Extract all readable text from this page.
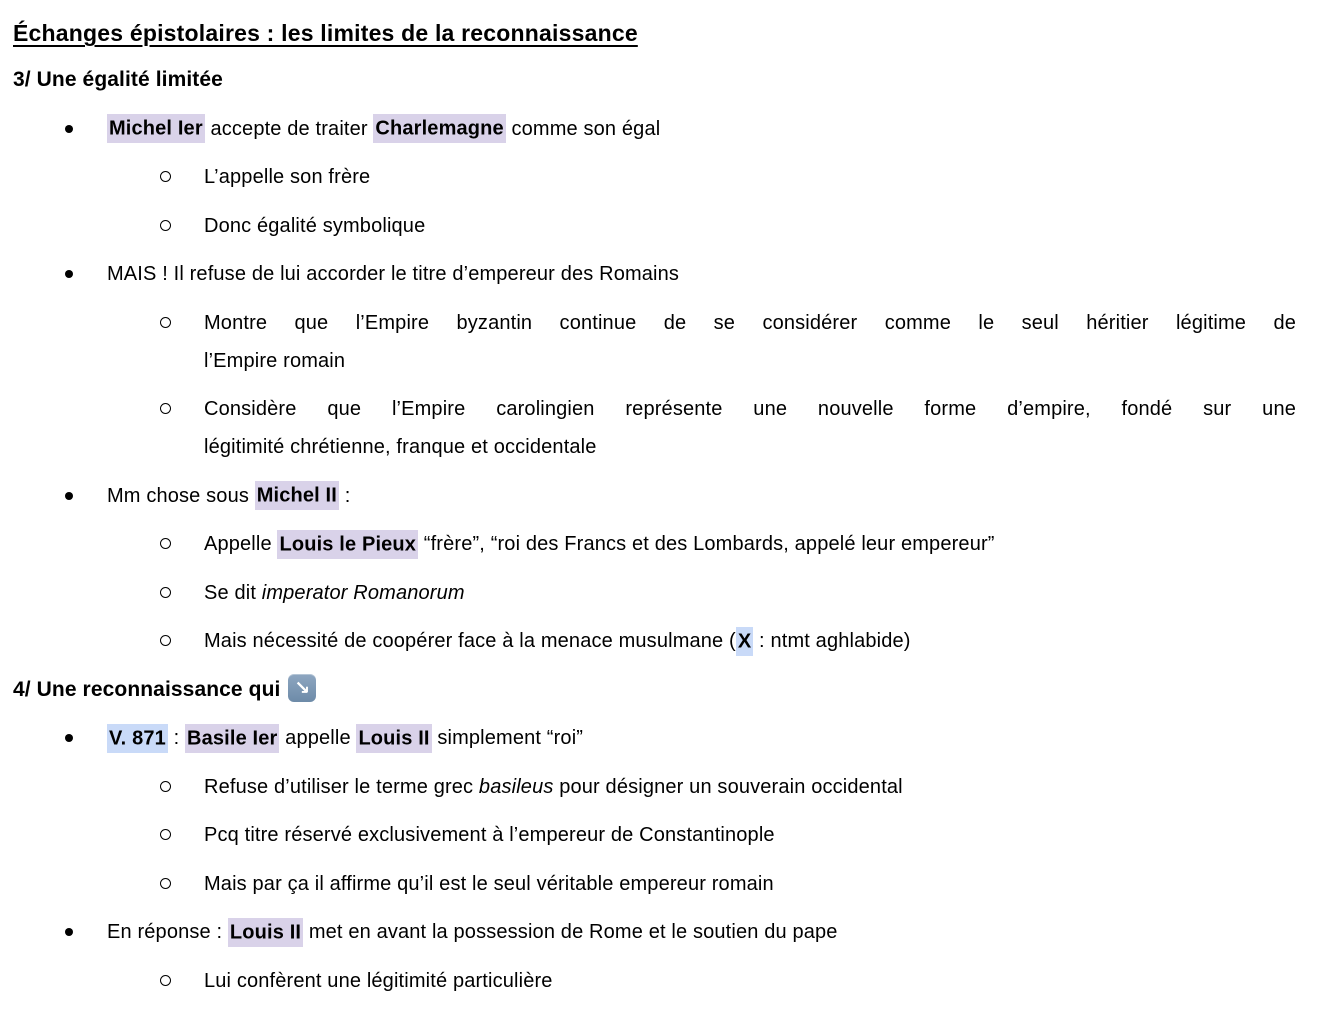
Échanges épistolaires : les limites de la reconnaissance
3/ Une égalité limitée
Michel Ier accepte de traiter Charlemagne comme son égal
L’appelle son frère
Donc égalité symbolique
MAIS ! Il refuse de lui accorder le titre d’empereur des Romains
Montre que l’Empire byzantin continue de se considérer comme le seul héritier légitime de
l’Empire romain
Considère que l’Empire carolingien représente une nouvelle forme d’empire, fondé sur une
légitimité chrétienne, franque et occidentale
Mm chose sous Michel II :
Appelle Louis le Pieux “frère”, “roi des Francs et des Lombards, appelé leur empereur”
Se dit imperator Romanorum
Mais nécessité de coopérer face à la menace musulmane ( X : ntmt aghlabide)
4/ Une reconnaissance qui ↘
V. 871 : Basile Ier appelle Louis II simplement “roi”
Refuse d’utiliser le terme grec basileus pour désigner un souverain occidental
Pcq titre réservé exclusivement à l’empereur de Constantinople
Mais par ça il affirme qu’il est le seul véritable empereur romain
En réponse : Louis II met en avant la possession de Rome et le soutien du pape
Lui confèrent une légitimité particulière
